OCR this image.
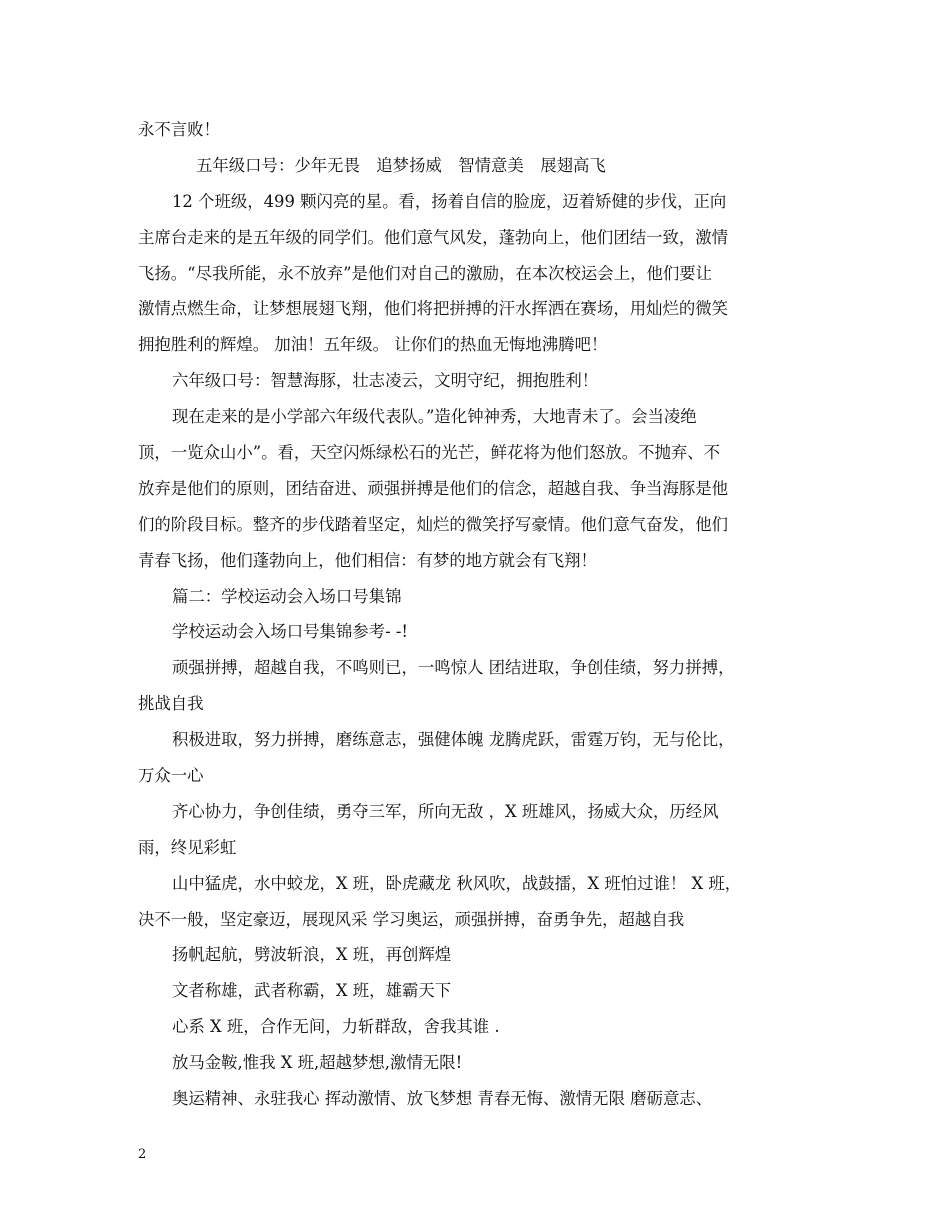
永不言败！
五年级口号：少年无畏　追梦扬威　智情意美　展翅高飞
12 个班级，499 颗闪亮的星。看，扬着自信的脸庞，迈着矫健的步伐，正向
主席台走来的是五年级的同学们。他们意气风发，蓬勃向上，他们团结一致，激情
飞扬。“尽我所能，永不放弃”是他们对自己的激励，在本次校运会上，他们要让
激情点燃生命，让梦想展翅飞翔，他们将把拼搏的汗水挥洒在赛场，用灿烂的微笑
拥抱胜利的辉煌。 加油！五年级。 让你们的热血无悔地沸腾吧！
六年级口号：智慧海豚，壮志凌云，文明守纪，拥抱胜利！
现在走来的是小学部六年级代表队。”造化钟神秀，大地青未了。会当凌绝
顶，一览众山小”。看，天空闪烁绿松石的光芒，鲜花将为他们怒放。不抛弃、不
放弃是他们的原则，团结奋进、顽强拼搏是他们的信念，超越自我、争当海豚是他
们的阶段目标。整齐的步伐踏着坚定，灿烂的微笑抒写豪情。他们意气奋发，他们
青春飞扬，他们蓬勃向上，他们相信：有梦的地方就会有飞翔！
篇二：学校运动会入场口号集锦
学校运动会入场口号集锦参考- -!
顽强拼搏，超越自我，不鸣则已，一鸣惊人 团结进取，争创佳绩，努力拼搏，
挑战自我
积极进取，努力拼搏，磨练意志，强健体魄 龙腾虎跃，雷霆万钧，无与伦比，
万众一心
齐心协力，争创佳绩，勇夺三军，所向无敌 ，X 班雄风，扬威大众，历经风
雨，终见彩虹
山中猛虎，水中蛟龙，X 班，卧虎藏龙 秋风吹，战鼓擂，X 班怕过谁！ X 班，
决不一般，坚定豪迈，展现风采 学习奥运，顽强拼搏，奋勇争先，超越自我
扬帆起航，劈波斩浪，X 班，再创辉煌
文者称雄，武者称霸，X 班，雄霸天下
心系 X 班，合作无间，力斩群敌，舍我其谁 .
放马金鞍,惟我 X 班,超越梦想,激情无限!
奥运精神、永驻我心 挥动激情、放飞梦想 青春无悔、激情无限 磨砺意志、
2
